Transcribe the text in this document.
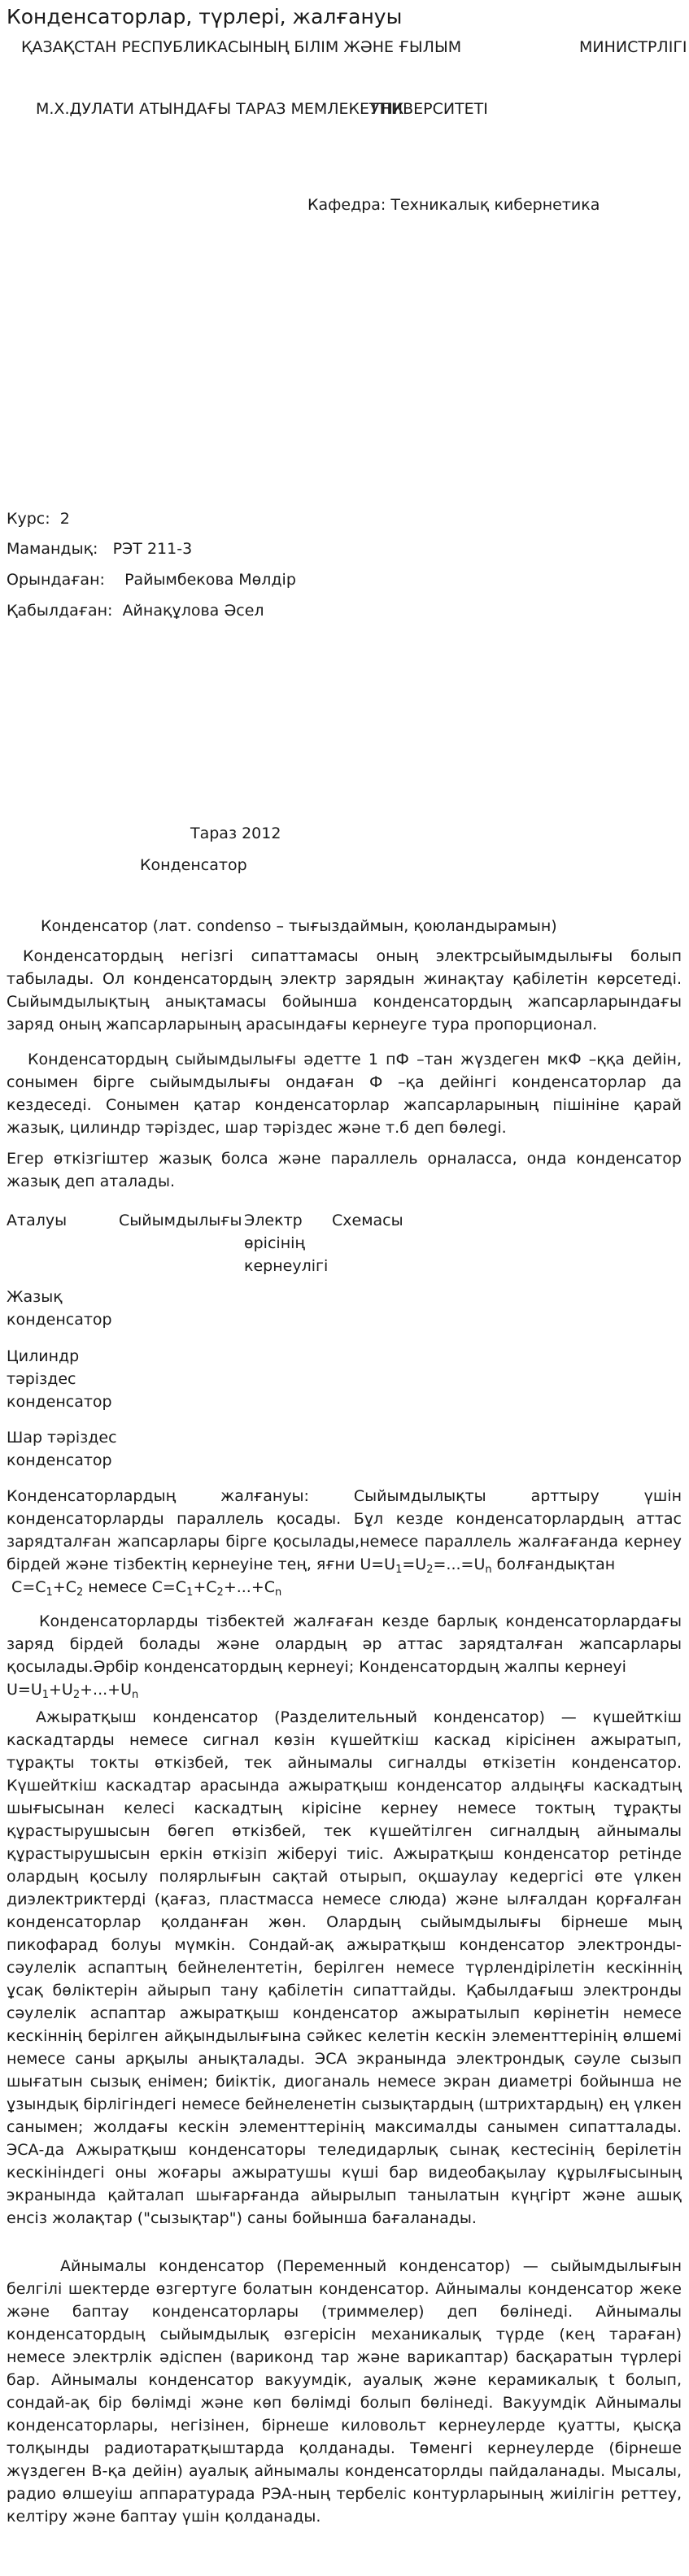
Конденсаторлар, түрлері, жалғануы
ҚАЗАҚСТАН РЕСПУБЛИКАСЫНЫҢ БІЛІМ ЖӘНЕ ҒЫЛЫМ	МИНИСТРЛІГІ
М.Х.ДУЛАТИ АТЫНДАҒЫ ТАРАЗ МЕМЛЕКЕТТІК
УНИВЕРСИТЕТІ
Кафедра: Техникалық кибернетика
Курс: 2
Мамандық: РЭТ 211-3
Орындаған: Райымбекова Мөлдір
Қабылдаған: Айнақұлова Әсел
Тараз 2012
Конденсатор
Конденсатор (лат. condenso – тығыздаймын, қоюландырамын)
Конденсатордың негізгі сипаттамасы оның электрсыйымдылығы болып табылады. Ол конденсатордың электр зарядын жинақтау қабілетін көрсетеді. Сыйымдылықтың анықтамасы бойынша конденсатордың жапсарларындағы заряд оның жапсарларының арасындағы кернеуге тура пропорционал.
Конденсатордың сыйымдылығы әдетте 1 пФ –тан жүздеген мкФ –ққа дейін, сонымен бірге сыйымдылығы ондаған Ф –қа дейінгі конденсаторлар да кездеседі. Сонымен қатар конденсаторлар жапсарларының пішініне қарай жазық, цилиндр тәріздес, шар тәріздес және т.б деп бөлеgі.
Егер өткізгіштер жазық болса және параллель орналасса, онда конденсатор жазық деп аталады.
Аталуы	Сыйымдылығы Электр өрісінің кернеулігі
Схемасы
Жазық конденсатор
Цилиндр тәріздес конденсатор
Шар тәріздес конденсатор
Конденсаторлардың жалғануы: Сыйымдылықты арттыру үшін конденсаторларды параллель қосады. Бұл кезде конденсаторлардың аттас зарядталған жапсарлары бірге қосылады,немесе параллель жалғағанда кернеу бірдей және тізбектің кернеуіне тең, яғни $U=U_1=U_2=...=U_n$ болғандықтан
$C=C_1+C_2$ немесе $C=C_1+C_2+...+C_n$
Конденсаторларды тізбектей жалғаған кезде барлық конденсаторлардағы заряд бірдей болады және олардың әр аттас зарядталған жапсарлары қосылады.Әрбір конденсатордың кернеуі; Конденсатордың жалпы кернеуі
$U=U_1+U_2+...+U_n$
Ажыратқыш конденсатор (Разделительный конденсатор) — күшейткіш каскадтарды немесе сигнал көзін күшейткіш каскад кірісінен ажыратып, тұрақты токты өткізбей, тек айнымалы сигналды өткізетін конденсатор. Күшейткіш каскадтар арасында ажыратқыш конденсатор алдыңғы каскадтың шығысынан келесі каскадтың кірісіне кернеу немесе токтың тұрақты құрастырушысын бөгеп өткізбей, тек күшейтілген сигналдың айнымалы құрастырушысын еркін өткізіп жіберуі тиіс. Ажыратқыш конденсатор ретінде олардың қосылу полярлығын сақтай отырып, оқшаулау кедергісі өте үлкен диэлектриктерді (қағаз, пластмасса немесе слюда) және ылғалдан қорғалған конденсаторлар қолданған жөн. Олардың сыйымдылығы бірнеше мың пикофарад болуы мүмкін. Сондай-ақ ажыратқыш конденсатор электронды-сәулелік аспаптың бейнелентетін, берілген немесе түрлендірілетін кескіннің ұсақ бөліктерін айырып тану қабілетін сипаттайды. Қабылдағыш электронды сәулелік аспаптар ажыратқыш конденсатор ажыратылып көрінетін немесе кескіннің берілген айқындылығына сәйкес келетін кескін элементтерінің өлшемі немесе саны арқылы анықталады. ЭСА экранында электрондық сәуле сызып шығатын сызық енімен; биіктік, диоганаль немесе экран диаметрі бойынша не ұзындық бірлігіндегі немесе бейнеленетін сызықтардың (штрихтардың) ең үлкен санымен; жолдағы кескін элементтерінің максималды санымен сипатталады. ЭСА-да Ажыратқыш конденсаторы теледидарлық сынақ кестесінің берілетін кескініндегі оны жоғары ажыратушы күші бар видеобақылау құрылғысының экранында қайталап шығарғанда айырылып танылатын күңгірт және ашық енсіз жолақтар ("сызықтар") саны бойынша бағаланады.
Айнымалы конденсатор (Переменный конденсатор) — сыйымдылығын белгілі шектерде өзгертуге болатын конденсатор. Айнымалы конденсатор жеке және баптау конденсаторлары (триммелер) деп бөлінеді. Айнымалы конденсатордың сыйымдылық өзгерісін механикалық түрде (кең тараған) немесе электрлік әдіспен (вариконд тар және варикаптар) басқаратын түрлері бар. Айнымалы конденсатор вакуумдік, ауалық және керамикалық t болып, сондай-ақ бір бөлімді және көп бөлімді болып бөлінеді. Вакуумдік Айнымалы конденсаторлары, негізінен, бірнеше киловольт кернеулерде қуатты, қысқа толқынды радиотаратқыштарда қолданады. Төменгі кернеулерде (бірнеше жүздеген В-қа дейін) ауалық айнымалы конденсаторлды пайдаланады. Мысалы, радио өлшеуіш аппаратурада РЭА-ның тербеліс контурларының жиілігін реттеу, келтіру және баптау үшін қолданады.
